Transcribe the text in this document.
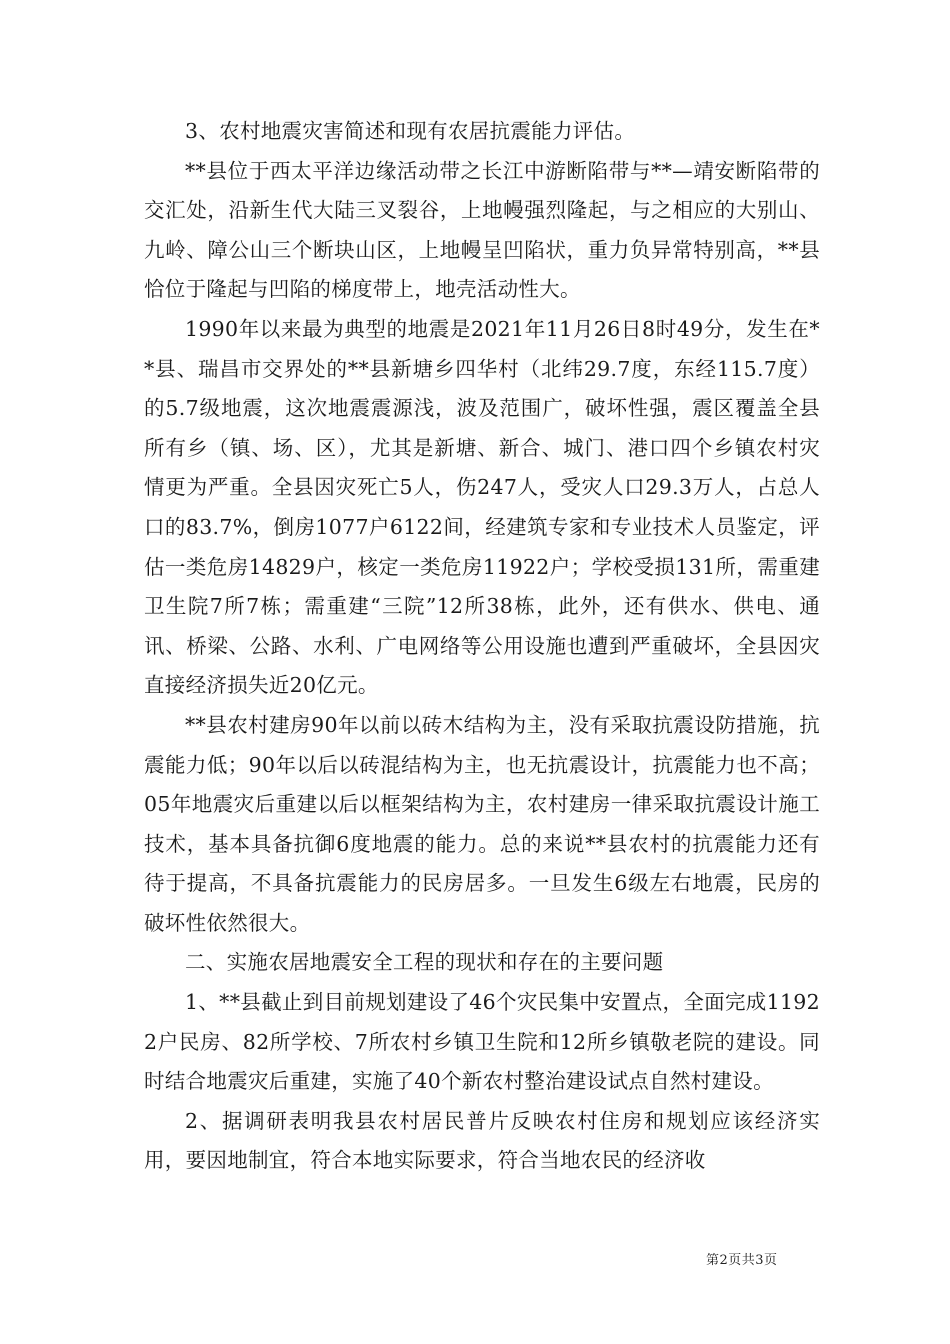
3、农村地震灾害简述和现有农居抗震能力评估。

**县位于西太平洋边缘活动带之长江中游断陷带与**—靖安断陷带的交汇处，沿新生代大陆三叉裂谷，上地幔强烈隆起，与之相应的大别山、九岭、障公山三个断块山区，上地幔呈凹陷状，重力负异常特别高，**县恰位于隆起与凹陷的梯度带上，地壳活动性大。

1990年以来最为典型的地震是2021年11月26日8时49分，发生在**县、瑞昌市交界处的**县新塘乡四华村（北纬29.7度，东经115.7度）的5.7级地震，这次地震震源浅，波及范围广，破坏性强，震区覆盖全县所有乡（镇、场、区），尤其是新塘、新合、城门、港口四个乡镇农村灾情更为严重。全县因灾死亡5人，伤247人，受灾人口29.3万人，占总人口的83.7%，倒房1077户6122间，经建筑专家和专业技术人员鉴定，评估一类危房14829户，核定一类危房11922户；学校受损131所，需重建卫生院7所7栋；需重建“三院”12所38栋，此外，还有供水、供电、通讯、桥梁、公路、水利、广电网络等公用设施也遭到严重破坏，全县因灾直接经济损失近20亿元。

**县农村建房90年以前以砖木结构为主，没有采取抗震设防措施，抗震能力低；90年以后以砖混结构为主，也无抗震设计，抗震能力也不高；05年地震灾后重建以后以框架结构为主，农村建房一律采取抗震设计施工技术，基本具备抗御6度地震的能力。总的来说**县农村的抗震能力还有待于提高，不具备抗震能力的民房居多。一旦发生6级左右地震，民房的破坏性依然很大。

二、实施农居地震安全工程的现状和存在的主要问题

1、**县截止到目前规划建设了46个灾民集中安置点，全面完成11922户民房、82所学校、7所农村乡镇卫生院和12所乡镇敬老院的建设。同时结合地震灾后重建，实施了40个新农村整治建设试点自然村建设。

2、据调研表明我县农村居民普片反映农村住房和规划应该经济实用，要因地制宜，符合本地实际要求，符合当地农民的经济收

第2页共3页
